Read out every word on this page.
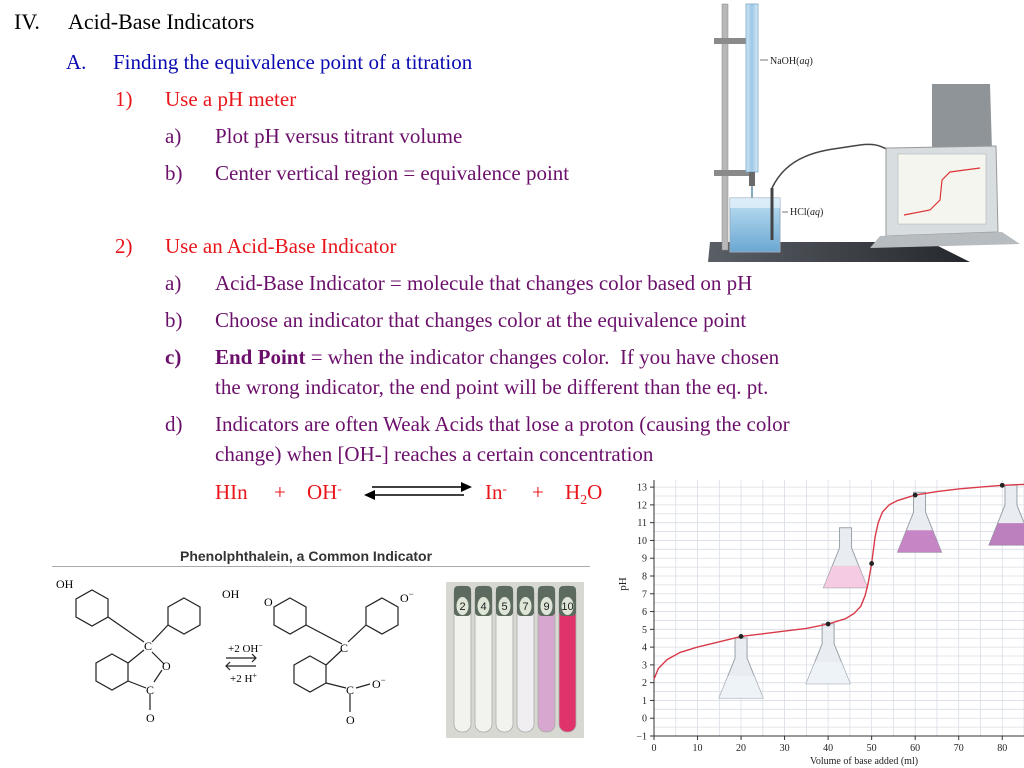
IV. Acid-Base Indicators
A. Finding the equivalence point of a titration
1) Use a pH meter
a) Plot pH versus titrant volume
b) Center vertical region = equivalence point
2) Use an Acid-Base Indicator
a) Acid-Base Indicator = molecule that changes color based on pH
b) Choose an indicator that changes color at the equivalence point
c) End Point = when the indicator changes color.  If you have chosen
the wrong indicator, the end point will be different than the eq. pt.
d) Indicators are often Weak Acids that lose a proton (causing the color
change) when [OH-] reaches a certain concentration
HIn + OH-	$In^- + H_2O$
NaOH(aq)
HCl(aq)
Phenolphthalein, a Common Indicator
OH
OH
C
O
C
O
+2 OH−
+2 H+
O	O−
C
C O−
O
2 4 5 7 9 10
0	10	20	30	40	50	60	70	80
−1
0
1
2
3
4
5
6
7
8
9
10
11
12
13
Volume of base added (ml)
pH
